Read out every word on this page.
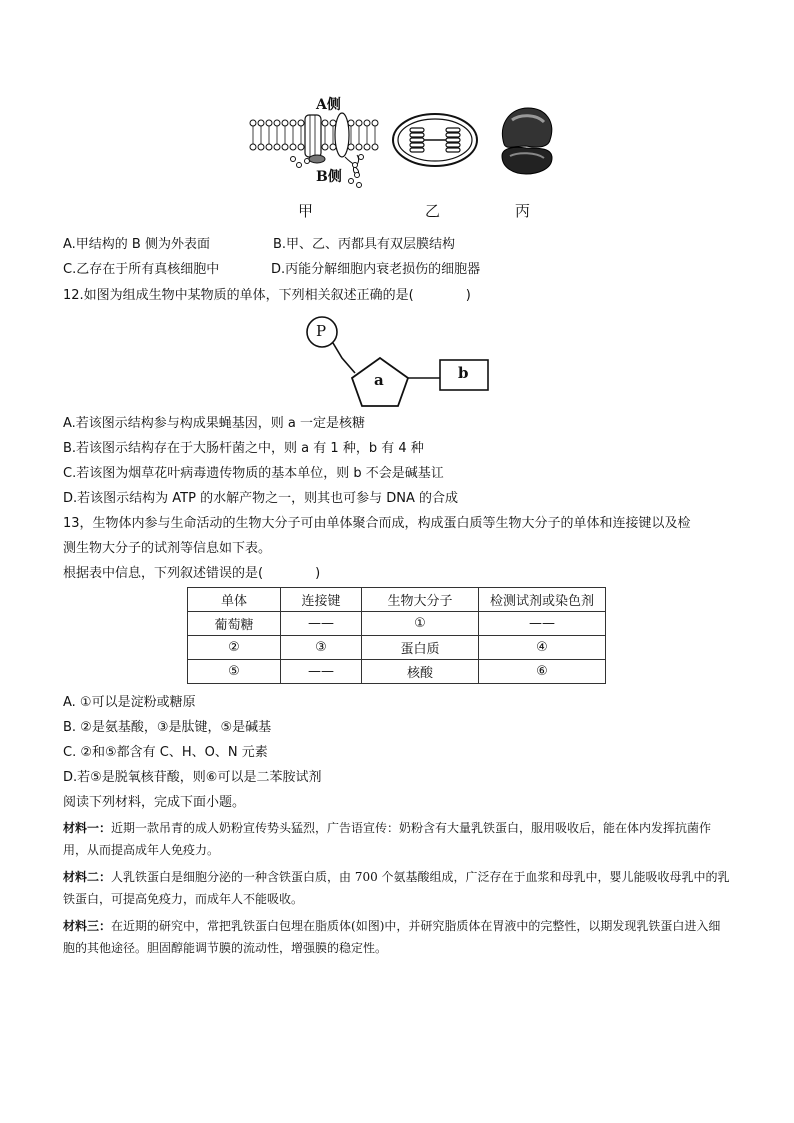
A侧
B侧
甲	乙	丙
A.甲结构的 B 侧为外表面	B.甲、乙、丙都具有双层膜结构
C.乙存在于所有真核细胞中	D.丙能分解细胞内衰老损伤的细胞器
12.如图为组成生物中某物质的单体，下列相关叙述正确的是(　　　　)
P
a	b
A.若该图示结构参与构成果蝇基因，则 a 一定是核糖
B.若该图示结构存在于大肠杆菌之中，则 a 有 1 种，b 有 4 种
C.若该图为烟草花叶病毒遗传物质的基本单位，则 b 不会是碱基讧
D.若该图示结构为 ATP 的水解产物之一，则其也可参与 DNA 的合成
13，生物体内参与生命活动的生物大分子可由单体聚合而成，构成蛋白质等生物大分子的单体和连接键以及检
测生物大分子的试剂等信息如下表。
根据表中信息，下列叙述错误的是(　　　　)
单体	连接键	生物大分子	检测试剂或染色剂
葡萄糖	——	①	——
②	③	蛋白质	④
⑤	——	核酸	⑥
A. ①可以是淀粉或糖原
B. ②是氨基酸，③是肽键，⑤是碱基
C. ②和⑤都含有 C、H、O、N 元素
D.若⑤是脱氧核苷酸，则⑥可以是二苯胺试剂
阅读下列材料，完成下面小题。
材料一：近期一款吊青的成人奶粉宣传势头猛烈，广告语宣传：奶粉含有大量乳铁蛋白，服用吸收后，能在体内发挥抗菌作用，从而提高成年人免疫力。
材料二：人乳铁蛋白是细胞分泌的一种含铁蛋白质，由 700 个氨基酸组成，广泛存在于血浆和母乳中，婴儿能吸收母乳中的乳铁蛋白，可提高免疫力，而成年人不能吸收。
材料三：在近期的研究中，常把乳铁蛋白包埋在脂质体(如图)中，并研究脂质体在胃液中的完整性，以期发现乳铁蛋白进入细胞的其他途径。胆固醇能调节膜的流动性，增强膜的稳定性。
